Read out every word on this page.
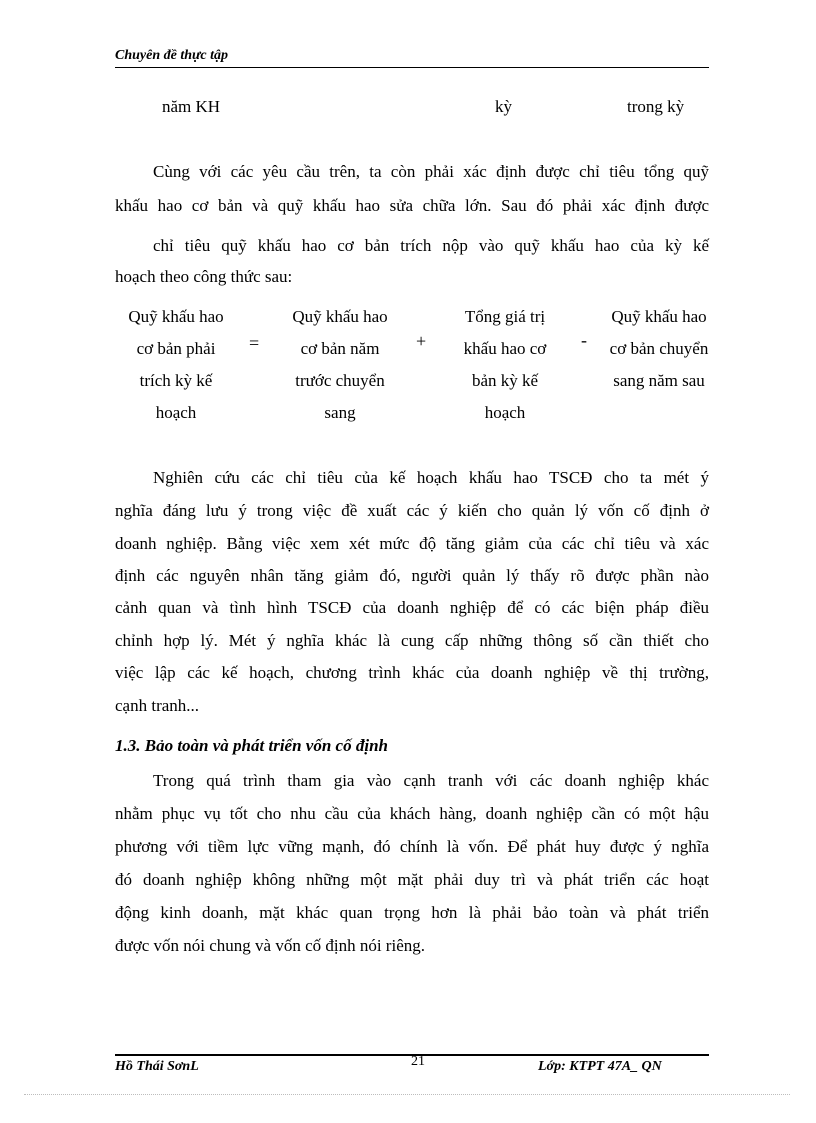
Chuyên đề thực tập
năm KH	kỳ	trong kỳ
Cùng với các yêu cầu trên, ta còn phải xác định được chỉ tiêu tổng quỹ
khấu hao cơ bản và quỹ khấu hao sửa chữa lớn. Sau đó phải xác định được
chỉ tiêu quỹ khấu hao cơ bản trích nộp vào quỹ khấu hao của kỳ kế
hoạch theo công thức sau:
Quỹ khấu hao
cơ bản phải
trích kỳ kế
hoạch
=
Quỹ khấu hao
cơ bản năm
trước chuyển
sang
+
Tổng giá trị
khấu hao cơ
bản kỳ kế
hoạch
-
Quỹ khấu hao
cơ bản chuyển
sang năm sau
Nghiên cứu các chỉ tiêu của kế hoạch khấu hao TSCĐ cho ta mét ý
nghĩa đáng lưu ý trong việc đề xuất các ý kiến cho quản lý vốn cố định ở
doanh nghiệp. Bằng việc xem xét mức độ tăng giảm của các chỉ tiêu và xác
định các nguyên nhân tăng giảm đó, người quản lý thấy rõ được phần nào
cảnh quan và tình hình TSCĐ của doanh nghiệp để có các biện pháp điều
chỉnh hợp lý. Mét ý nghĩa khác là cung cấp những thông số cần thiết cho
việc lập các kế hoạch, chương trình khác của doanh nghiệp về thị trường,
cạnh tranh...
1.3. Bảo toàn và phát triển vốn cố định
Trong quá trình tham gia vào cạnh tranh với các doanh nghiệp khác
nhằm phục vụ tốt cho nhu cầu của khách hàng, doanh nghiệp cần có một hậu
phương với tiềm lực vững mạnh, đó chính là vốn. Để phát huy được ý nghĩa
đó doanh nghiệp không những một mặt phải duy trì và phát triển các hoạt
động kinh doanh, mặt khác quan trọng hơn là phải bảo toàn và phát triển
được vốn nói chung và vốn cố định nói riêng.
Hồ Thái SơnL	21	Lớp: KTPT 47A_ QN
